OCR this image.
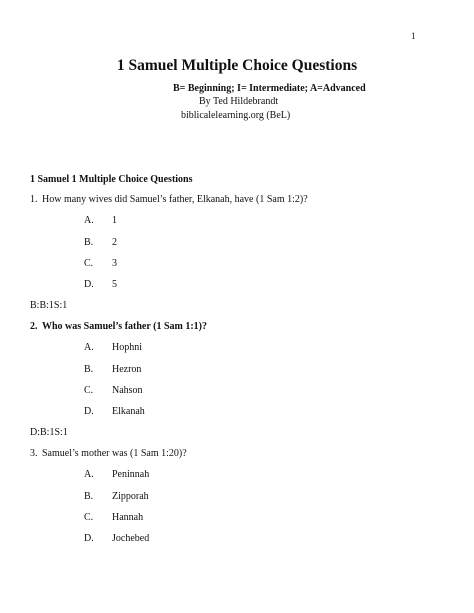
1
1 Samuel Multiple Choice Questions
B= Beginning; I= Intermediate; A=Advanced
By Ted Hildebrandt
biblicalelearning.org (BeL)
1 Samuel 1 Multiple Choice Questions
1. How many wives did Samuel’s father, Elkanah, have (1 Sam 1:2)?
A. 1
B. 2
C. 3
D. 5
B:B:1S:1
2. Who was Samuel’s father (1 Sam 1:1)?
A. Hophni
B. Hezron
C. Nahson
D. Elkanah
D:B:1S:1
3. Samuel’s mother was (1 Sam 1:20)?
A. Peninnah
B. Zipporah
C. Hannah
D. Jochebed
